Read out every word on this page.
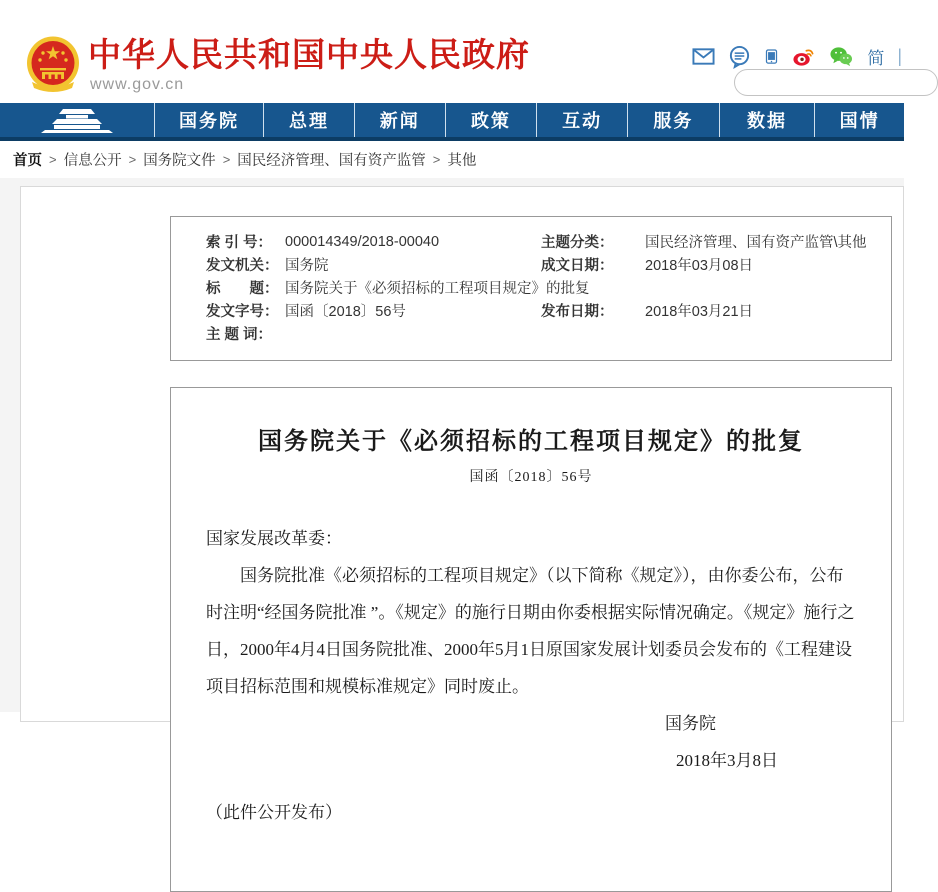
中华人民共和国中央人民政府
www.gov.cn
简 |
国务院	总理	新闻	政策	互动	服务	数据	国情
首页 > 信息公开 > 国务院文件 > 国民经济管理、国有资产监管 > 其他
索 引 号：	000014349/2018-00040	主题分类：	国民经济管理、国有资产监管\其他
发文机关：	国务院	成文日期：	2018年03月08日
标　　题：	国务院关于《必须招标的工程项目规定》的批复		
发文字号：	国函〔2018〕56号	发布日期：	2018年03月21日
主 题 词：			
国务院关于《必须招标的工程项目规定》的批复
国函〔2018〕56号

国家发展改革委：

国务院批准《必须招标的工程项目规定》（以下简称《规定》），由你委公布，公布时注明“经国务院批准 ”。《规定》的施行日期由你委根据实际情况确定。《规定》施行之日，2000年4月4日国务院批准、2000年5月1日原国家发展计划委员会发布的《工程建设项目招标范围和规模标准规定》同时废止。

国务院
2018年3月8日

（此件公开发布）
